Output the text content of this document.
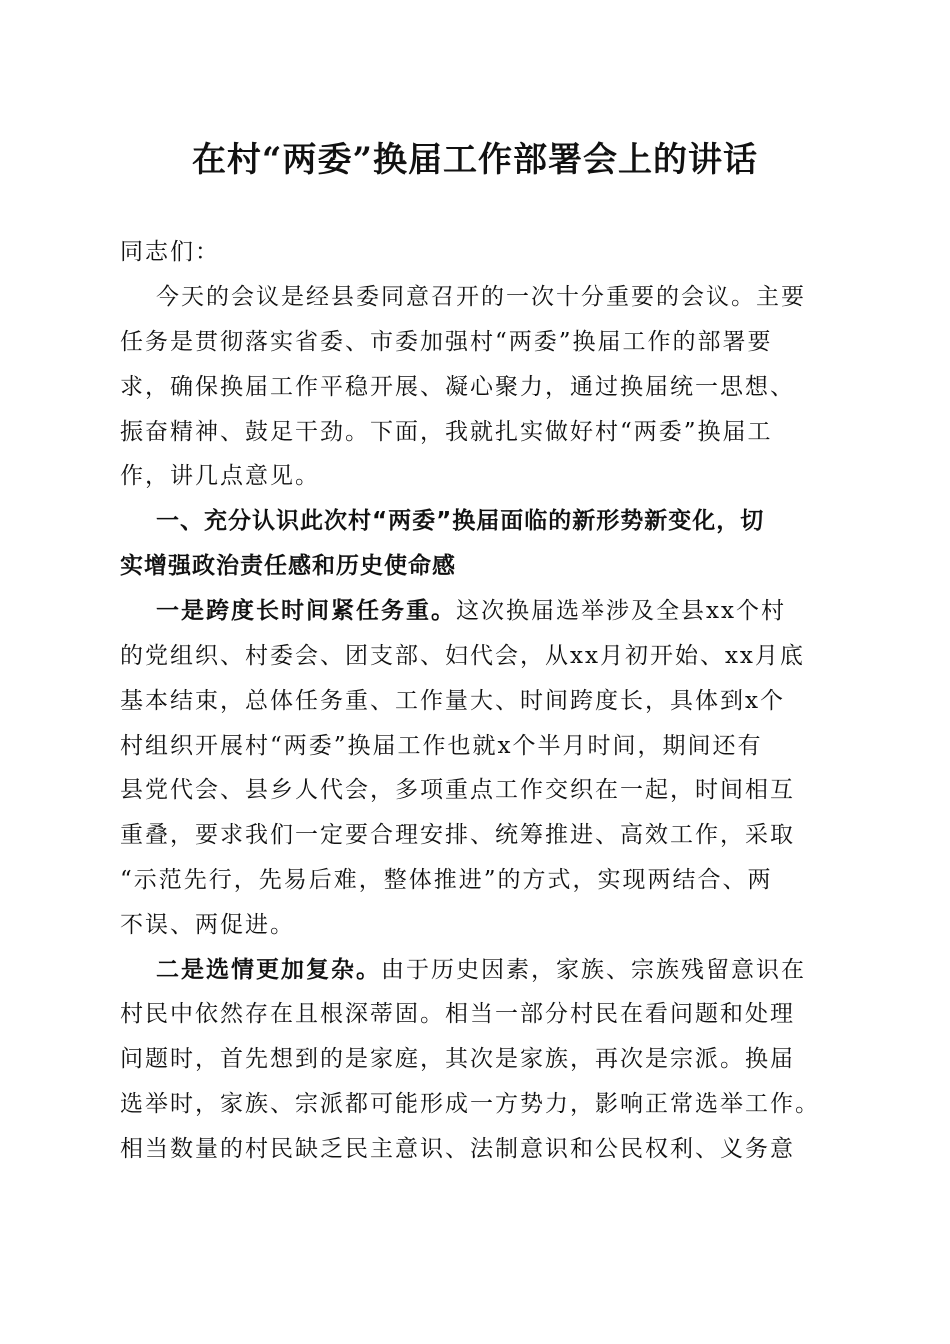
在村“两委”换届工作部署会上的讲话
同志们：
今天的会议是经县委同意召开的一次十分重要的会议。主要
任务是贯彻落实省委、市委加强村“两委”换届工作的部署要
求，确保换届工作平稳开展、凝心聚力，通过换届统一思想、
振奋精神、鼓足干劲。下面，我就扎实做好村“两委”换届工
作，讲几点意见。
一、充分认识此次村“两委”换届面临的新形势新变化，切
实增强政治责任感和历史使命感
一是跨度长时间紧任务重。这次换届选举涉及全县xx个村
的党组织、村委会、团支部、妇代会，从xx月初开始、xx月底
基本结束，总体任务重、工作量大、时间跨度长，具体到x个
村组织开展村“两委”换届工作也就x个半月时间，期间还有
县党代会、县乡人代会，多项重点工作交织在一起，时间相互
重叠，要求我们一定要合理安排、统筹推进、高效工作，采取
“示范先行，先易后难，整体推进”的方式，实现两结合、两
不误、两促进。
二是选情更加复杂。由于历史因素，家族、宗族残留意识在
村民中依然存在且根深蒂固。相当一部分村民在看问题和处理
问题时，首先想到的是家庭，其次是家族，再次是宗派。换届
选举时，家族、宗派都可能形成一方势力，影响正常选举工作。
相当数量的村民缺乏民主意识、法制意识和公民权利、义务意
